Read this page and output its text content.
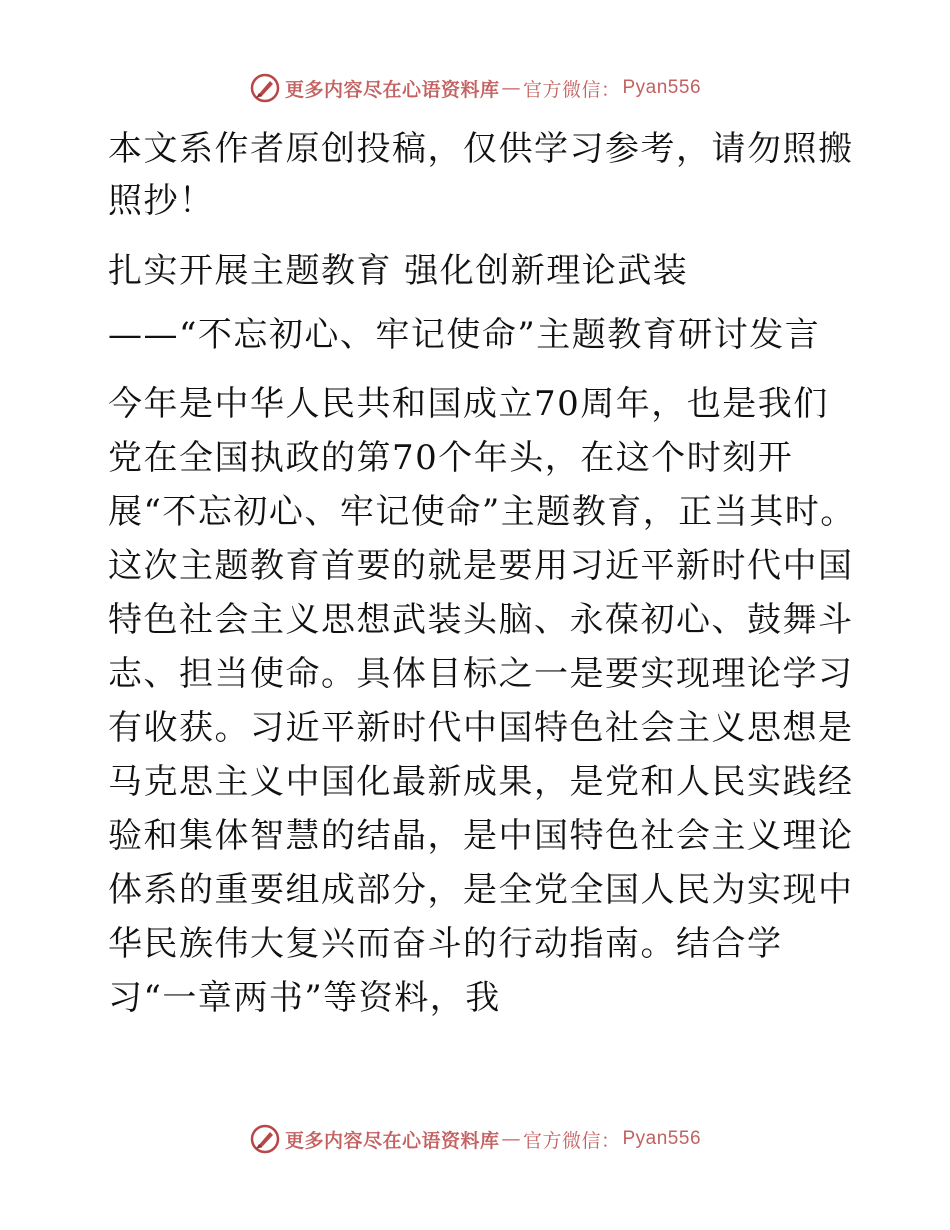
更多内容尽在心语资料库 — 官方微信： Pyan556

本文系作者原创投稿，仅供学习参考，请勿照搬照抄！

扎实开展主题教育 强化创新理论武装

——“不忘初心、牢记使命”主题教育研讨发言

今年是中华人民共和国成立70周年，也是我们党在全国执政的第70个年头，在这个时刻开展“不忘初心、牢记使命”主题教育，正当其时。这次主题教育首要的就是要用习近平新时代中国特色社会主义思想武装头脑、永葆初心、鼓舞斗志、担当使命。具体目标之一是要实现理论学习有收获。习近平新时代中国特色社会主义思想是马克思主义中国化最新成果，是党和人民实践经验和集体智慧的结晶，是中国特色社会主义理论体系的重要组成部分，是全党全国人民为实现中华民族伟大复兴而奋斗的行动指南。结合学习“一章两书”等资料，我

更多内容尽在心语资料库 — 官方微信： Pyan556
